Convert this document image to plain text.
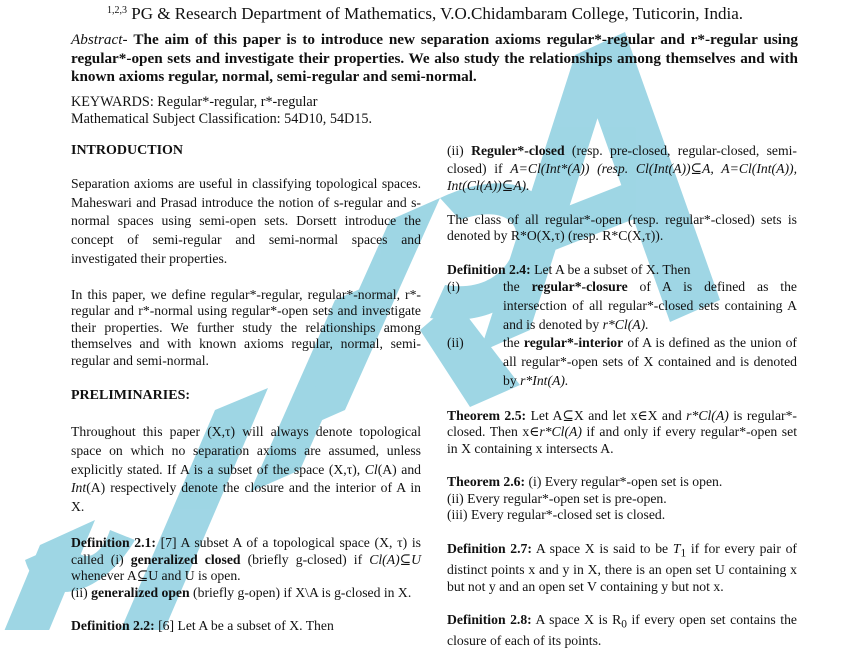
$^{1,2,3}$ PG & Research Department of Mathematics, V.O.Chidambaram College, Tuticorin, India.
Abstract- The aim of this paper is to introduce new separation axioms regular*-regular and r*-regular using regular*-open sets and investigate their properties. We also study the relationships among themselves and with known axioms regular, normal, semi-regular and semi-normal.
KEYWARDS: Regular*-regular, r*-regular
Mathematical Subject Classification: 54D10, 54D15.

INTRODUCTION

Separation axioms are useful in classifying topological spaces. Maheswari and Prasad introduce the notion of s-regular and s-normal spaces using semi-open sets. Dorsett introduce the concept of semi-regular and semi-normal spaces and investigated their properties.

In this paper, we define regular*-regular, regular*-normal, r*-regular and r*-normal using regular*-open sets and investigate their properties. We further study the relationships among themselves and with known axioms regular, normal, semi-regular and semi-normal.

PRELIMINARIES:

Throughout this paper (X,τ) will always denote topological space on which no separation axioms are assumed, unless explicitly stated. If A is a subset of the space (X,τ), Cl(A) and Int(A) respectively denote the closure and the interior of A in X.

Definition 2.1: [7] A subset A of a topological space (X, τ) is called (i) generalized closed (briefly g-closed) if Cl(A)⊆U whenever A⊆U and U is open.

(ii) generalized open (briefly g-open) if X\A is g-closed in X.

Definition 2.2: [6] Let A be a subset of X. Then

(ii) Reguler*-closed (resp. pre-closed, regular-closed, semi-closed) if A=Cl(Int*(A)) (resp. Cl(Int(A))⊆A, A=Cl(Int(A)), Int(Cl(A))⊆A).

The class of all regular*-open (resp. regular*-closed) sets is denoted by R*O(X,τ) (resp. R*C(X,τ)).

Definition 2.4: Let A be a subset of X. Then

(i)	the regular*-closure of A is defined as the intersection of all regular*-closed sets containing A and is denoted by r*Cl(A).

(ii)	the regular*-interior of A is defined as the union of all regular*-open sets of X contained and is denoted by r*Int(A).

Theorem 2.5: Let A⊆X and let x∈X and r*Cl(A) is regular*-closed. Then x∈r*Cl(A) if and only if every regular*-open set in X containing x intersects A.

Theorem 2.6: (i) Every regular*-open set is open.

(ii) Every regular*-open set is pre-open.

(iii) Every regular*-closed set is closed.

Definition 2.7: A space X is said to be $T_1$ if for every pair of distinct points x and y in X, there is an open set U containing x but not y and an open set V containing y but not x.

Definition 2.8: A space X is $R_0$ if every open set contains the closure of each of its points.
